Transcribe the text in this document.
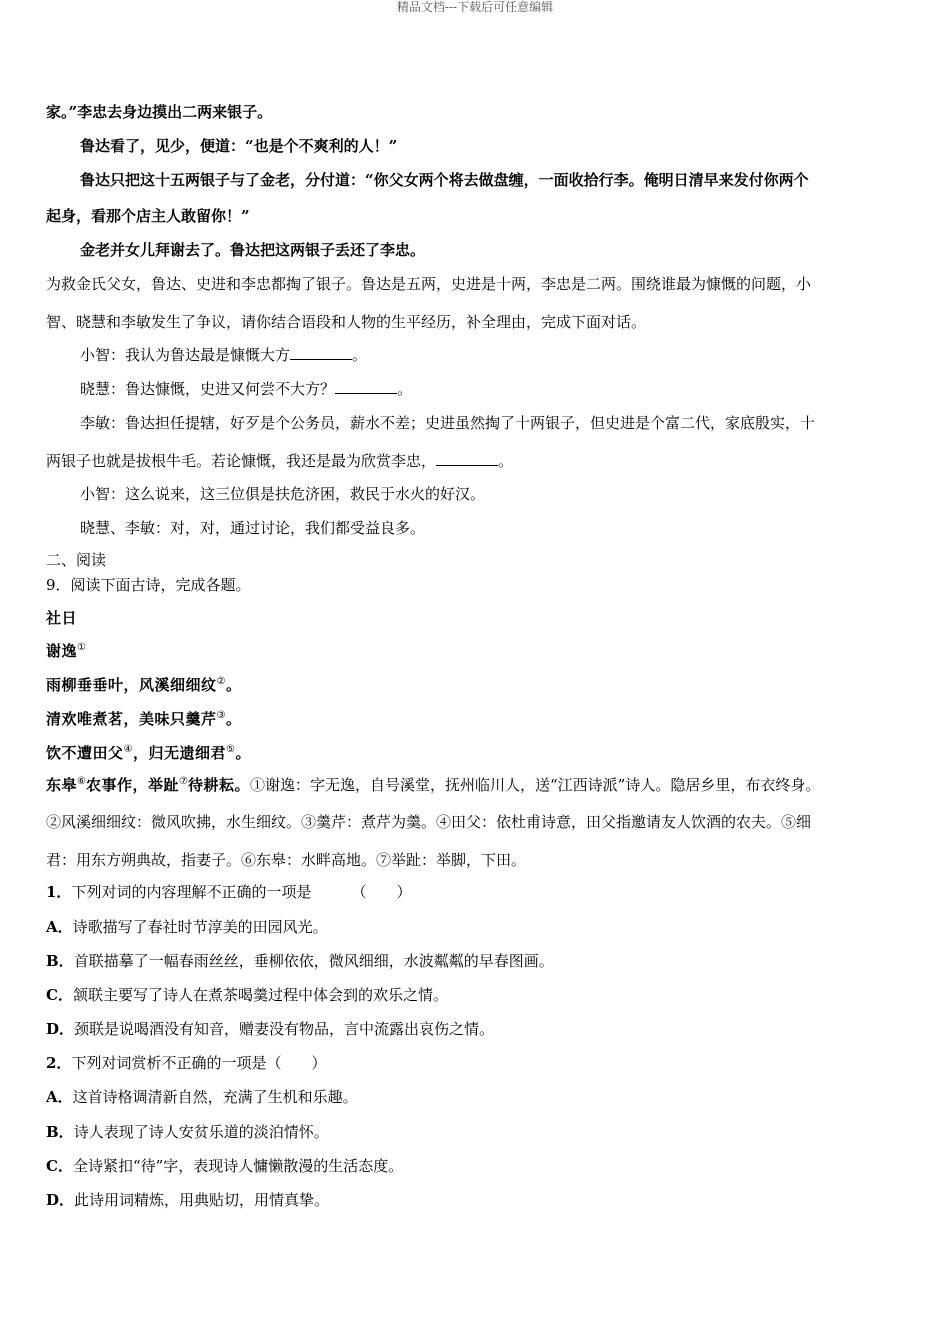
精品文档---下载后可任意编辑
家。”李忠去身边摸出二两来银子。
鲁达看了，见少，便道：“也是个不爽利的人！”
鲁达只把这十五两银子与了金老，分付道：“你父女两个将去做盘缠，一面收拾行李。俺明日清早来发付你两个
起身，看那个店主人敢留你！”
金老并女儿拜谢去了。鲁达把这两银子丢还了李忠。
为救金氏父女，鲁达、史进和李忠都掏了银子。鲁达是五两，史进是十两，李忠是二两。围绕谁最为慷慨的问题，小
智、晓慧和李敏发生了争议，请你结合语段和人物的生平经历，补全理由，完成下面对话。
小智：我认为鲁达最是慷慨大方	。
晓慧：鲁达慷慨，史进又何尝不大方？	。
李敏：鲁达担任提辖，好歹是个公务员，薪水不差；史进虽然掏了十两银子，但史进是个富二代，家底殷实，十
两银子也就是拔根牛毛。若论慷慨，我还是最为欣赏李忠，	。
小智：这么说来，这三位俱是扶危济困，救民于水火的好汉。
晓慧、李敏：对，对，通过讨论，我们都受益良多。
二、阅读
9．阅读下面古诗，完成各题。
社日
谢逸①
雨柳垂垂叶，风溪细细纹②。
清欢唯煮茗，美味只羹芹③。
饮不遭田父④，归无遗细君⑤。
东皋⑥农事作，举趾⑦待耕耘。①谢逸：字无逸，自号溪堂，抚州临川人，送“江西诗派”诗人。隐居乡里，布衣终身。
②风溪细细纹：微风吹拂，水生细纹。③羹芹：煮芹为羹。④田父：依杜甫诗意，田父指邀请友人饮酒的农夫。⑤细
君：用东方朔典故，指妻子。⑥东皋：水畔高地。⑦举趾：举脚，下田。
1．下列对词的内容理解不正确的一项是	（　　）
A．诗歌描写了春社时节淳美的田园风光。
B．首联描摹了一幅春雨丝丝，垂柳依依，微风细细，水波粼粼的早春图画。
C．颔联主要写了诗人在煮茶喝羹过程中体会到的欢乐之情。
D．颈联是说喝酒没有知音，赠妻没有物品，言中流露出哀伤之情。
2．下列对词赏析不正确的一项是（　　）
A．这首诗格调清新自然，充满了生机和乐趣。
B．诗人表现了诗人安贫乐道的淡泊情怀。
C．全诗紧扣“待”字，表现诗人慵懒散漫的生活态度。
D．此诗用词精炼，用典贴切，用情真挚。
